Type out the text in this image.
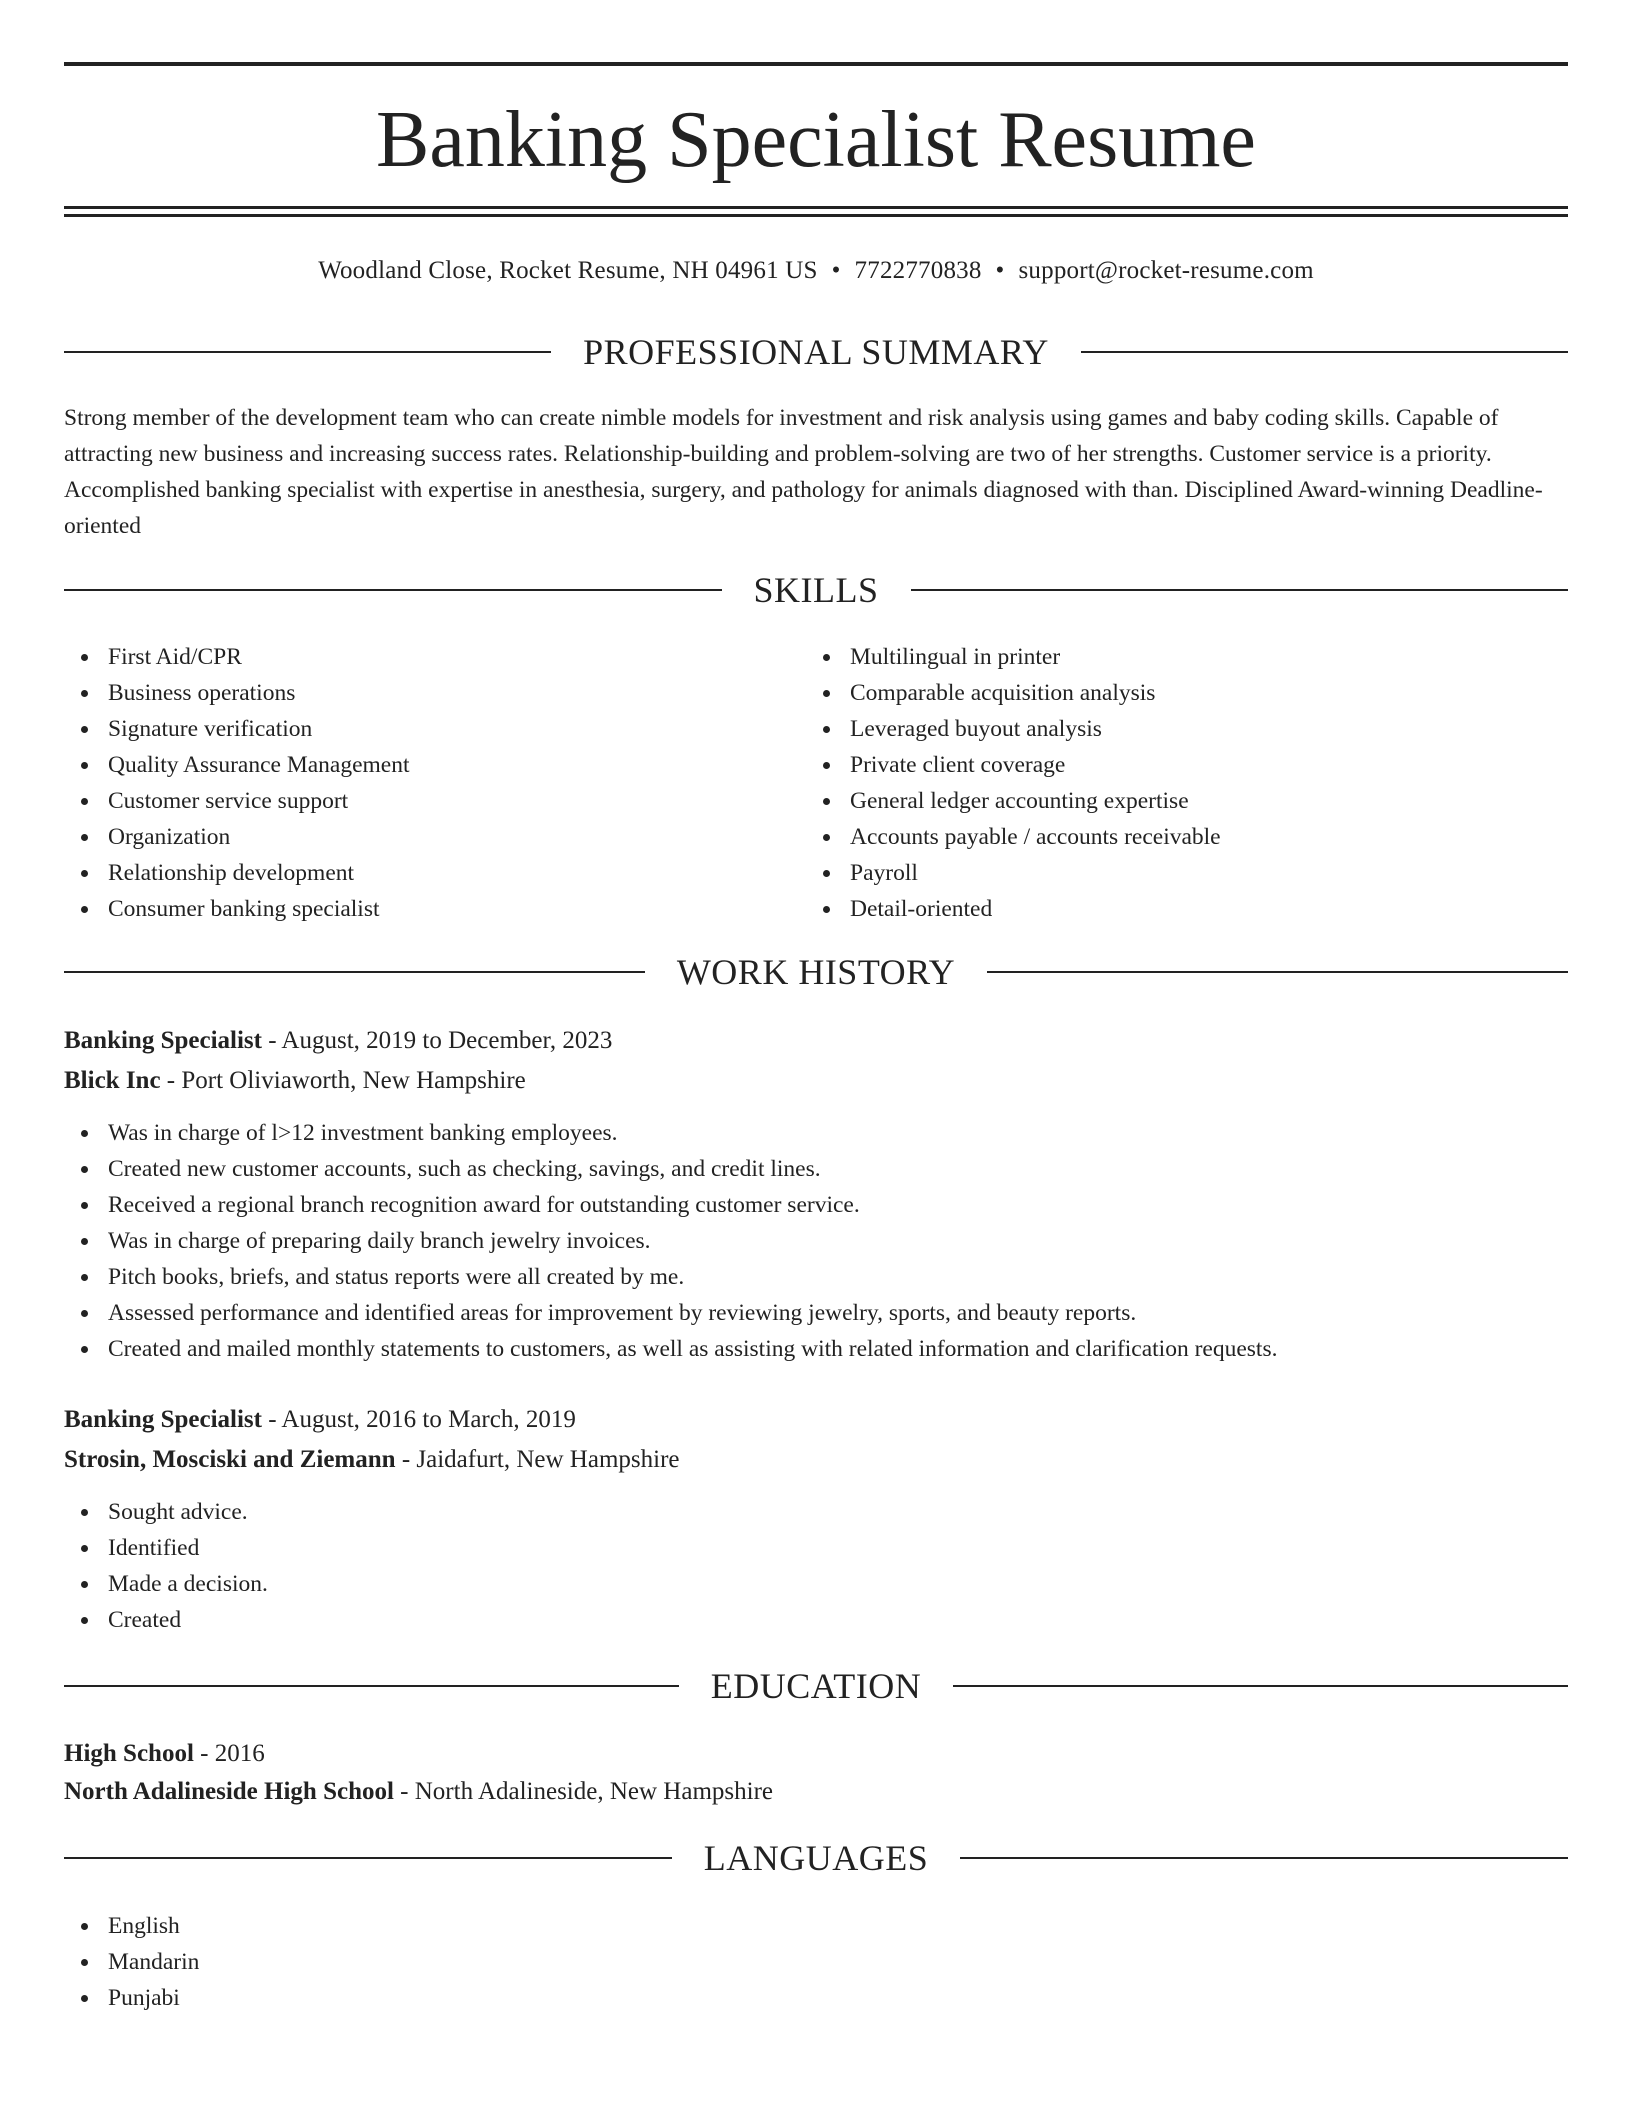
Banking Specialist Resume
Woodland Close, Rocket Resume, NH 04961 US • 7722770838 • support@rocket-resume.com
PROFESSIONAL SUMMARY

Strong member of the development team who can create nimble models for investment and risk analysis using games and baby coding skills. Capable of attracting new business and increasing success rates. Relationship-building and problem-solving are two of her strengths. Customer service is a priority. Accomplished banking specialist with expertise in anesthesia, surgery, and pathology for animals diagnosed with than. Disciplined Award-winning Deadline-oriented

SKILLS
First Aid/CPR
Business operations
Signature verification
Quality Assurance Management
Customer service support
Organization
Relationship development
Consumer banking specialist
Multilingual in printer
Comparable acquisition analysis
Leveraged buyout analysis
Private client coverage
General ledger accounting expertise
Accounts payable / accounts receivable
Payroll
Detail-oriented
WORK HISTORY
Banking Specialist - August, 2019 to December, 2023
Blick Inc - Port Oliviaworth, New Hampshire
Was in charge of l>12 investment banking employees.
Created new customer accounts, such as checking, savings, and credit lines.
Received a regional branch recognition award for outstanding customer service.
Was in charge of preparing daily branch jewelry invoices.
Pitch books, briefs, and status reports were all created by me.
Assessed performance and identified areas for improvement by reviewing jewelry, sports, and beauty reports.
Created and mailed monthly statements to customers, as well as assisting with related information and clarification requests.
Banking Specialist - August, 2016 to March, 2019
Strosin, Mosciski and Ziemann - Jaidafurt, New Hampshire
Sought advice.
Identified
Made a decision.
Created
EDUCATION
High School - 2016
North Adalineside High School - North Adalineside, New Hampshire
LANGUAGES
English
Mandarin
Punjabi
